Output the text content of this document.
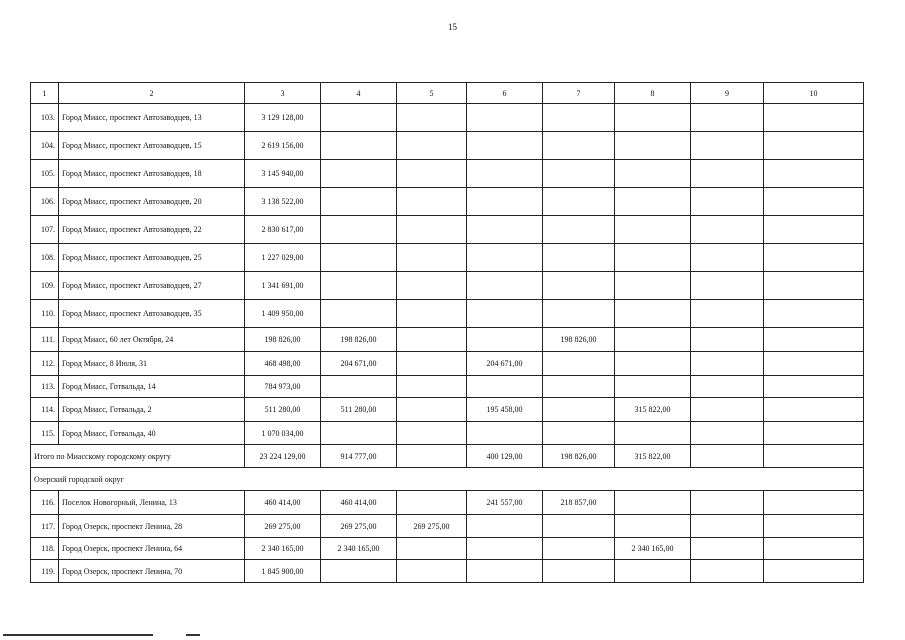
15
1	2	3	4	5	6	7	8	9	10
103.	Город Миасс, проспект Автозаводцев, 13	3 129 128,00							
104.	Город Миасс, проспект Автозаводцев, 15	2 619 156,00							
105.	Город Миасс, проспект Автозаводцев, 18	3 145 940,00							
106.	Город Миасс, проспект Автозаводцев, 20	3 138 522,00							
107.	Город Миасс, проспект Автозаводцев, 22	2 830 617,00							
108.	Город Миасс, проспект Автозаводцев, 25	1 227 029,00							
109.	Город Миасс, проспект Автозаводцев, 27	1 341 691,00							
110.	Город Миасс, проспект Автозаводцев, 35	1 409 950,00							
111.	Город Миасс, 60 лет Октября, 24	198 826,00	198 826,00			198 826,00			
112.	Город Миасс, 8 Июля, 31	468 498,00	204 671,00		204 671,00				
113.	Город Миасс, Готвальда, 14	784 973,00							
114.	Город Миасс, Готвальда, 2	511 280,00	511 280,00		195 458,00		315 822,00		
115.	Город Миасс, Готвальда, 40	1 070 034,00							
Итого по Миасскому городскому округу		23 224 129,00	914 777,00		400 129,00	198 826,00	315 822,00		
Озерский городской округ									
116.	Поселок Новогорный, Ленина, 13	460 414,00	460 414,00		241 557,00	218 857,00			
117.	Город Озерск, проспект Ленина, 28	269 275,00	269 275,00	269 275,00					
118.	Город Озерск, проспект Ленина, 64	2 340 165,00	2 340 165,00				2 340 165,00		
119.	Город Озерск, проспект Ленина, 70	1 845 900,00							
